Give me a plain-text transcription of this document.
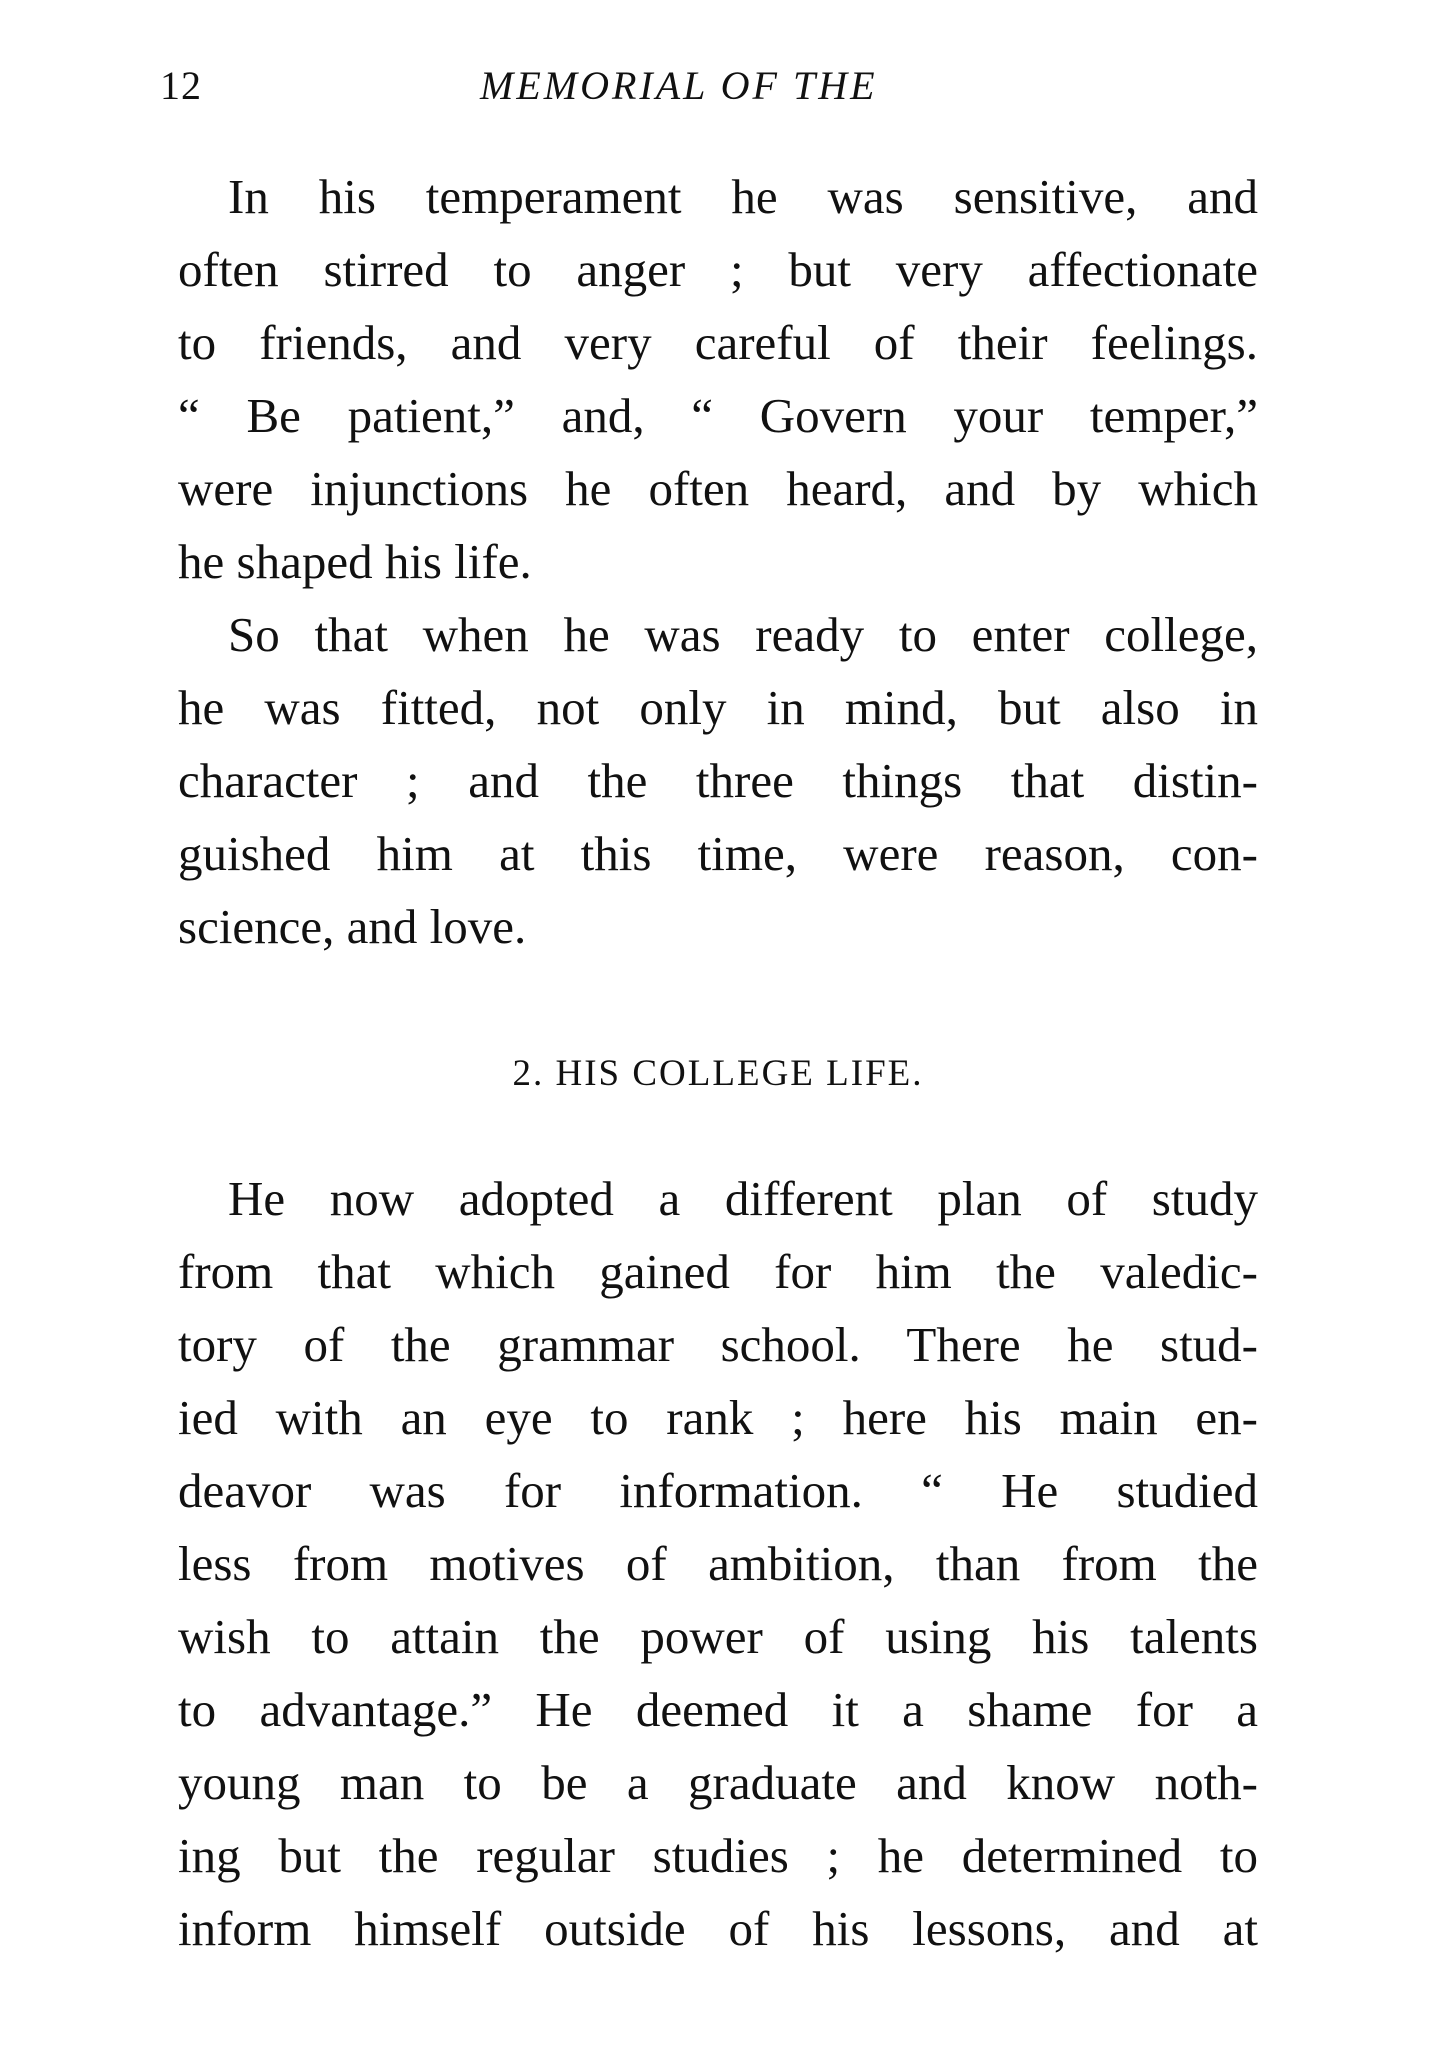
12	MEMORIAL OF THE
In his temperament he was sensitive, and
often stirred to anger ; but very affectionate
to friends, and very careful of their feelings.
“ Be patient,” and, “ Govern your temper,”
were injunctions he often heard, and by which
he shaped his life.
So that when he was ready to enter college,
he was fitted, not only in mind, but also in
character ; and the three things that distin-
guished him at this time, were reason, con-
science, and love.
2. HIS COLLEGE LIFE.
He now adopted a different plan of study
from that which gained for him the valedic-
tory of the grammar school. There he stud-
ied with an eye to rank ; here his main en-
deavor was for information. “ He studied
less from motives of ambition, than from the
wish to attain the power of using his talents
to advantage.” He deemed it a shame for a
young man to be a graduate and know noth-
ing but the regular studies ; he determined to
inform himself outside of his lessons, and at
